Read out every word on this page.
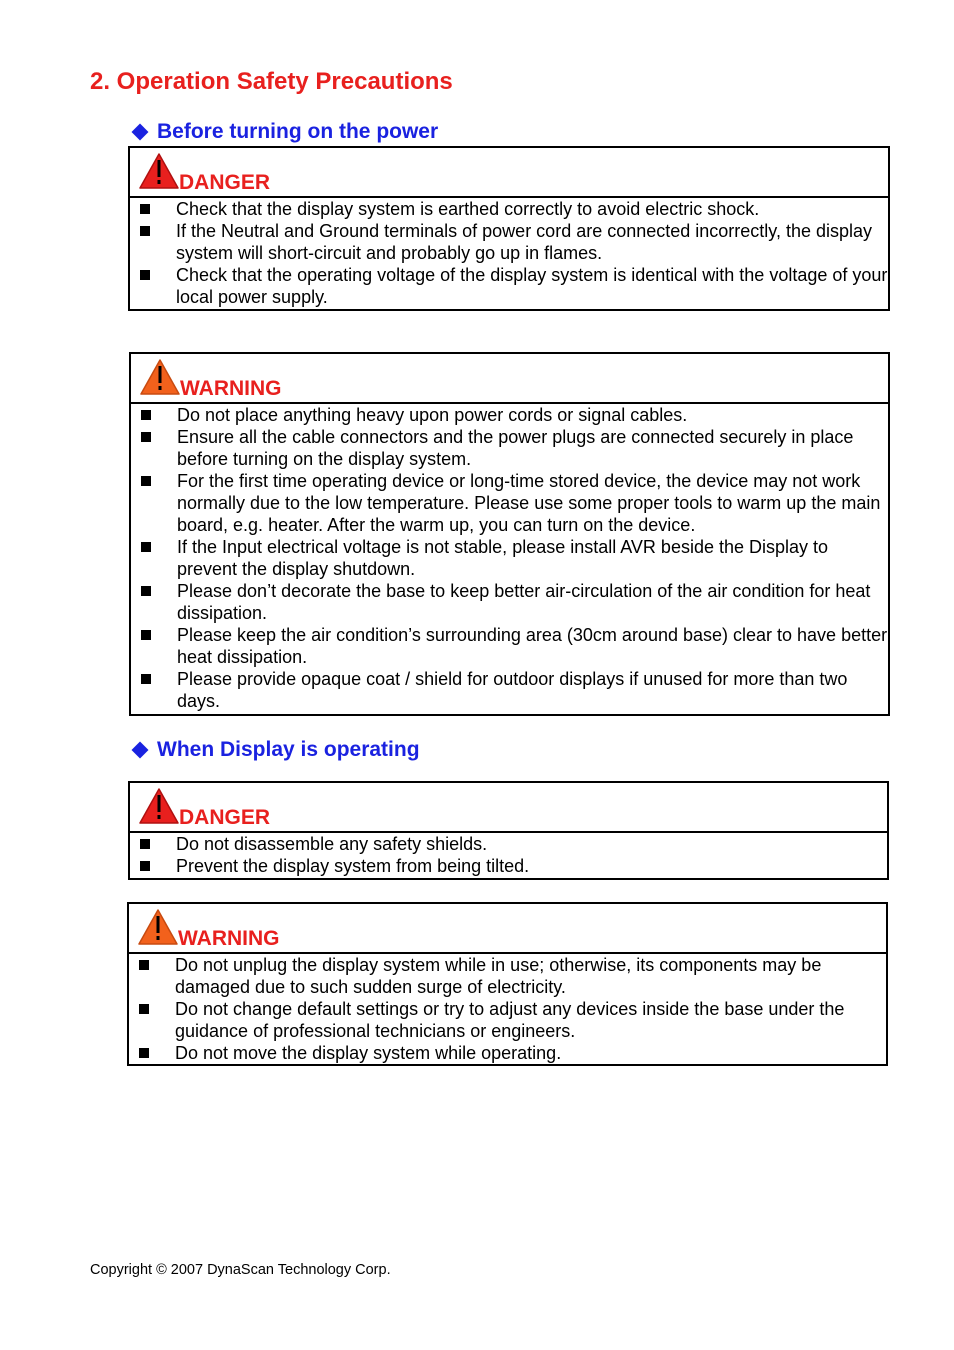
2. Operation Safety Precautions
Before turning on the power
DANGER
Check that the display system is earthed correctly to avoid electric shock.
If the Neutral and Ground terminals of power cord are connected incorrectly, the display system will short-circuit and probably go up in flames.
Check that the operating voltage of the display system is identical with the voltage of your local power supply.
WARNING
Do not place anything heavy upon power cords or signal cables.
Ensure all the cable connectors and the power plugs are connected securely in place before turning on the display system.
For the first time operating device or long-time stored device, the device may not work normally due to the low temperature. Please use some proper tools to warm up the main board, e.g. heater. After the warm up, you can turn on the device.
If the Input electrical voltage is not stable, please install AVR beside the Display to prevent the display shutdown.
Please don’t decorate the base to keep better air-circulation of the air condition for heat dissipation.
Please keep the air condition’s surrounding area (30cm around base) clear to have better heat dissipation.
Please provide opaque coat / shield for outdoor displays if unused for more than two days.
When Display is operating
DANGER
Do not disassemble any safety shields.
Prevent the display system from being tilted.
WARNING
Do not unplug the display system while in use; otherwise, its components may be damaged due to such sudden surge of electricity.
Do not change default settings or try to adjust any devices inside the base under the guidance of professional technicians or engineers.
Do not move the display system while operating.
Copyright © 2007 DynaScan Technology Corp.
